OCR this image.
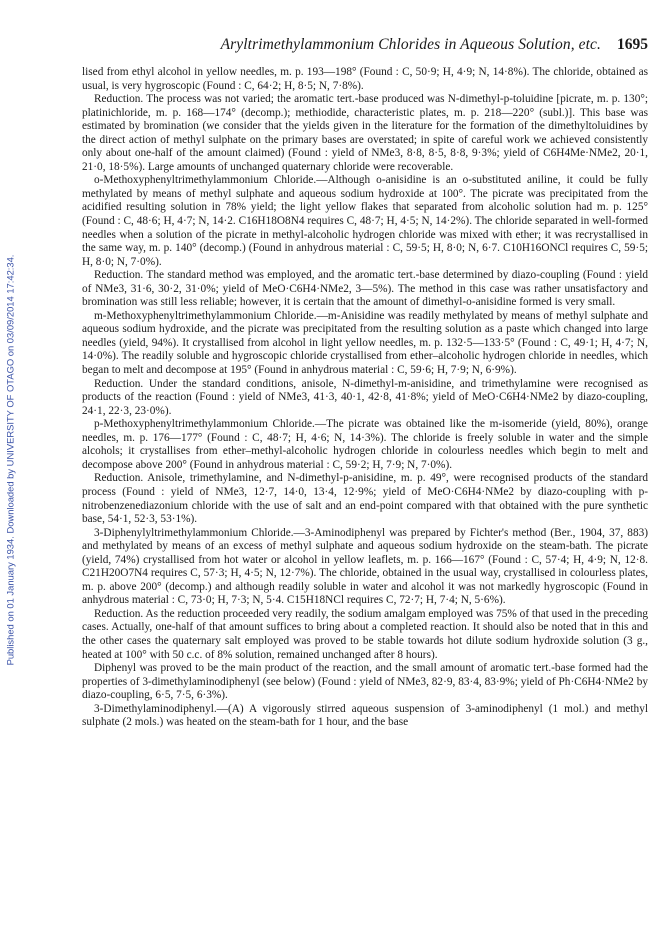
Published on 01 January 1934. Downloaded by UNIVERSITY OF OTAGO on 03/09/2014 17:42:34.
Aryltrimethylammonium Chlorides in Aqueous Solution, etc. 1695

lised from ethyl alcohol in yellow needles, m. p. 193—198° (Found : C, 50·9; H, 4·9; N, 14·8%). The chloride, obtained as usual, is very hygroscopic (Found : C, 64·2; H, 8·5; N, 7·8%).

Reduction. The process was not varied; the aromatic tert.-base produced was N-dimethyl-p-toluidine [picrate, m. p. 130°; platinichloride, m. p. 168—174° (decomp.); methiodide, characteristic plates, m. p. 218—220° (subl.)]. This base was estimated by bromination (we consider that the yields given in the literature for the formation of the dimethyltoluidines by the direct action of methyl sulphate on the primary bases are overstated; in spite of careful work we achieved consistently only about one-half of the amount claimed) (Found : yield of NMe3, 8·8, 8·5, 8·8, 9·3%; yield of C6H4Me·NMe2, 20·1, 21·0, 18·5%). Large amounts of unchanged quaternary chloride were recoverable.

o-Methoxyphenyltrimethylammonium Chloride.—Although o-anisidine is an o-substituted aniline, it could be fully methylated by means of methyl sulphate and aqueous sodium hydroxide at 100°. The picrate was precipitated from the acidified resulting solution in 78% yield; the light yellow flakes that separated from alcoholic solution had m. p. 125° (Found : C, 48·6; H, 4·7; N, 14·2. C16H18O8N4 requires C, 48·7; H, 4·5; N, 14·2%). The chloride separated in well-formed needles when a solution of the picrate in methyl-alcoholic hydrogen chloride was mixed with ether; it was recrystallised in the same way, m. p. 140° (decomp.) (Found in anhydrous material : C, 59·5; H, 8·0; N, 6·7. C10H16ONCl requires C, 59·5; H, 8·0; N, 7·0%).

Reduction. The standard method was employed, and the aromatic tert.-base determined by diazo-coupling (Found : yield of NMe3, 31·6, 30·2, 31·0%; yield of MeO·C6H4·NMe2, 3—5%). The method in this case was rather unsatisfactory and bromination was still less reliable; however, it is certain that the amount of dimethyl-o-anisidine formed is very small.

m-Methoxyphenyltrimethylammonium Chloride.—m-Anisidine was readily methylated by means of methyl sulphate and aqueous sodium hydroxide, and the picrate was precipitated from the resulting solution as a paste which changed into large needles (yield, 94%). It crystallised from alcohol in light yellow needles, m. p. 132·5—133·5° (Found : C, 49·1; H, 4·7; N, 14·0%). The readily soluble and hygroscopic chloride crystallised from ether–alcoholic hydrogen chloride in needles, which began to melt and decompose at 195° (Found in anhydrous material : C, 59·6; H, 7·9; N, 6·9%).

Reduction. Under the standard conditions, anisole, N-dimethyl-m-anisidine, and trimethylamine were recognised as products of the reaction (Found : yield of NMe3, 41·3, 40·1, 42·8, 41·8%; yield of MeO·C6H4·NMe2 by diazo-coupling, 24·1, 22·3, 23·0%).

p-Methoxyphenyltrimethylammonium Chloride.—The picrate was obtained like the m-isomeride (yield, 80%), orange needles, m. p. 176—177° (Found : C, 48·7; H, 4·6; N, 14·3%). The chloride is freely soluble in water and the simple alcohols; it crystallises from ether–methyl-alcoholic hydrogen chloride in colourless needles which begin to melt and decompose above 200° (Found in anhydrous material : C, 59·2; H, 7·9; N, 7·0%).

Reduction. Anisole, trimethylamine, and N-dimethyl-p-anisidine, m. p. 49°, were recognised products of the standard process (Found : yield of NMe3, 12·7, 14·0, 13·4, 12·9%; yield of MeO·C6H4·NMe2 by diazo-coupling with p-nitrobenzenediazonium chloride with the use of salt and an end-point compared with that obtained with the pure synthetic base, 54·1, 52·3, 53·1%).

3-Diphenylyltrimethylammonium Chloride.—3-Aminodiphenyl was prepared by Fichter's method (Ber., 1904, 37, 883) and methylated by means of an excess of methyl sulphate and aqueous sodium hydroxide on the steam-bath. The picrate (yield, 74%) crystallised from hot water or alcohol in yellow leaflets, m. p. 166—167° (Found : C, 57·4; H, 4·9; N, 12·8. C21H20O7N4 requires C, 57·3; H, 4·5; N, 12·7%). The chloride, obtained in the usual way, crystallised in colourless plates, m. p. above 200° (decomp.) and although readily soluble in water and alcohol it was not markedly hygroscopic (Found in anhydrous material : C, 73·0; H, 7·3; N, 5·4. C15H18NCl requires C, 72·7; H, 7·4; N, 5·6%).

Reduction. As the reduction proceeded very readily, the sodium amalgam employed was 75% of that used in the preceding cases. Actually, one-half of that amount suffices to bring about a completed reaction. It should also be noted that in this and the other cases the quaternary salt employed was proved to be stable towards hot dilute sodium hydroxide solution (3 g., heated at 100° with 50 c.c. of 8% solution, remained unchanged after 8 hours).

Diphenyl was proved to be the main product of the reaction, and the small amount of aromatic tert.-base formed had the properties of 3-dimethylaminodiphenyl (see below) (Found : yield of NMe3, 82·9, 83·4, 83·9%; yield of Ph·C6H4·NMe2 by diazo-coupling, 6·5, 7·5, 6·3%).

3-Dimethylaminodiphenyl.—(A) A vigorously stirred aqueous suspension of 3-aminodiphenyl (1 mol.) and methyl sulphate (2 mols.) was heated on the steam-bath for 1 hour, and the base
